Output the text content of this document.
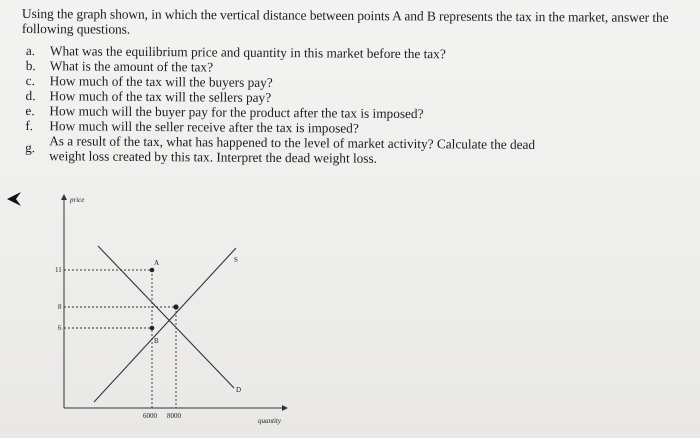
Using the graph shown, in which the vertical distance between points A and B represents the tax in the market, answer the following questions.
a.	What was the equilibrium price and quantity in this market before the tax?
b.	What is the amount of the tax?
c.	How much of the tax will the buyers pay?
d.	How much of the tax will the sellers pay?
e.	How much will the buyer pay for the product after the tax is imposed?
f.	How much will the seller receive after the tax is imposed?
g.	As a result of the tax, what has happened to the level of market activity? Calculate the dead weight loss created by this tax. Interpret the dead weight loss.
price
quantity
A
B
S
D
11
8
6
6000 8000
